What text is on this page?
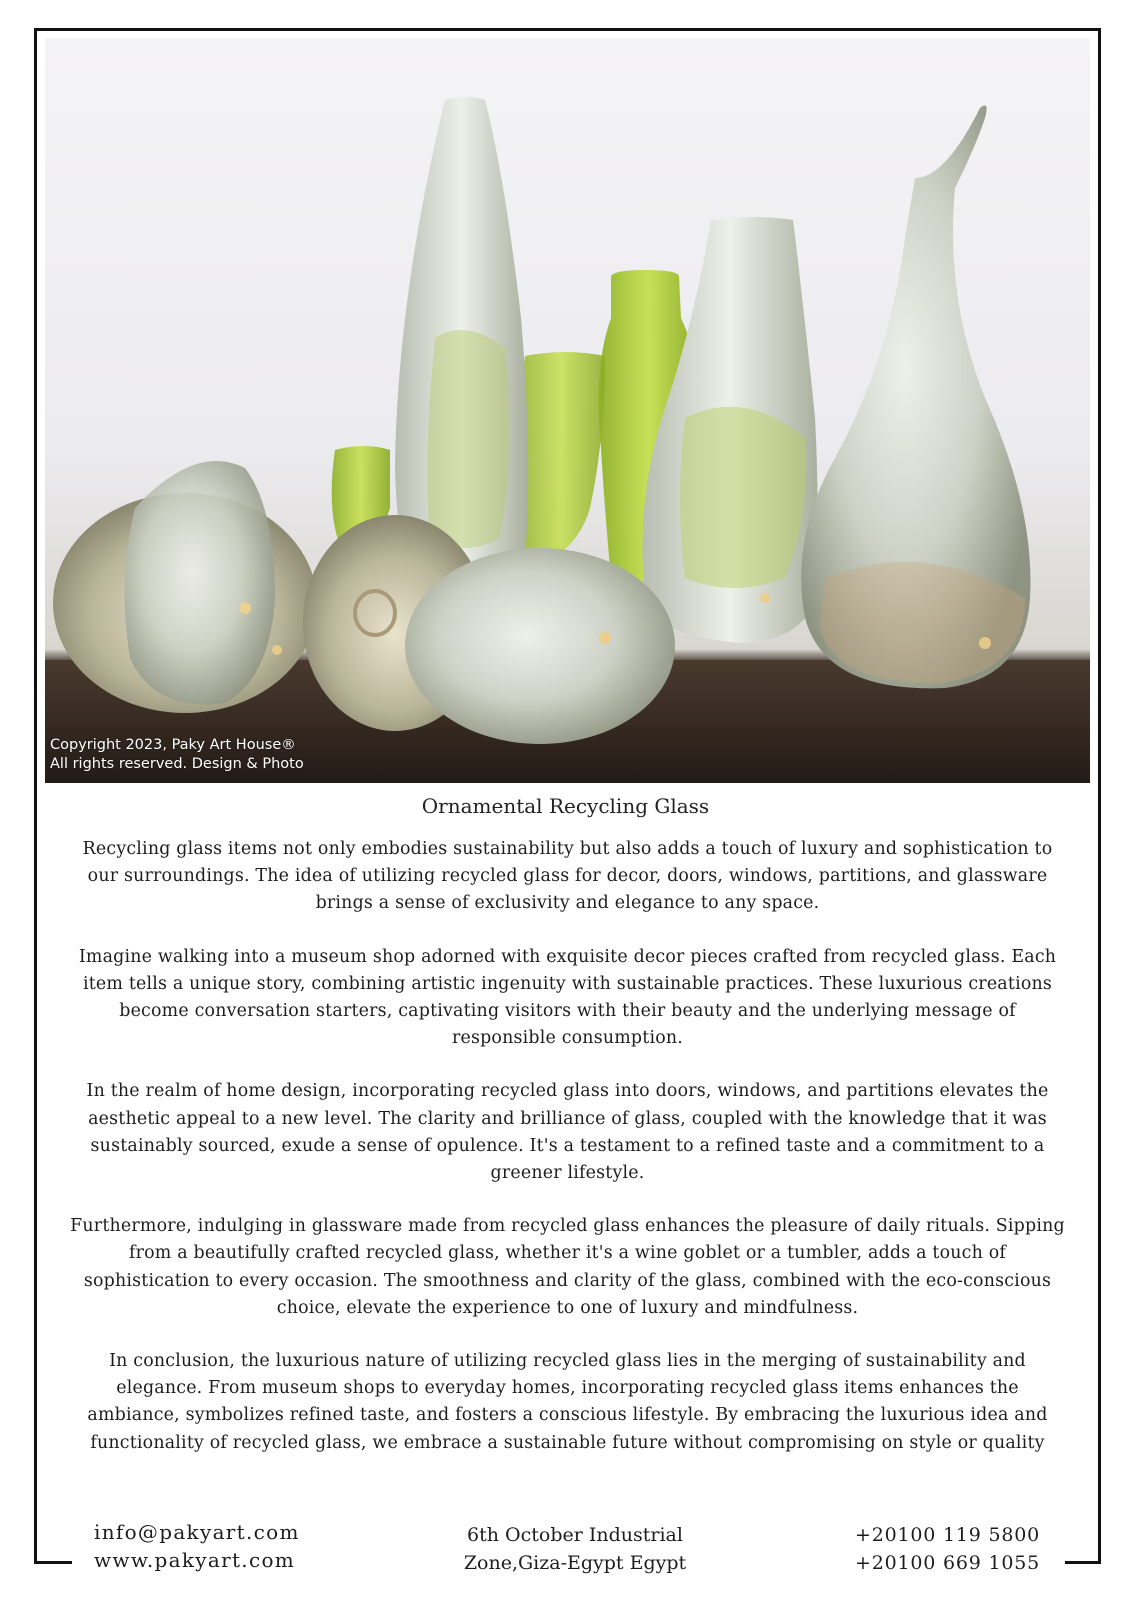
Copyright 2023, Paky Art House®
All rights reserved. Design & Photo
Ornamental Recycling Glass

Recycling glass items not only embodies sustainability but also adds a touch of luxury and sophistication to our surroundings. The idea of utilizing recycled glass for decor, doors, windows, partitions, and glassware brings a sense of exclusivity and elegance to any space.

Imagine walking into a museum shop adorned with exquisite decor pieces crafted from recycled glass. Each item tells a unique story, combining artistic ingenuity with sustainable practices. These luxurious creations become conversation starters, captivating visitors with their beauty and the underlying message of responsible consumption.

In the realm of home design, incorporating recycled glass into doors, windows, and partitions elevates the aesthetic appeal to a new level. The clarity and brilliance of glass, coupled with the knowledge that it was sustainably sourced, exude a sense of opulence. It's a testament to a refined taste and a commitment to a greener lifestyle.

Furthermore, indulging in glassware made from recycled glass enhances the pleasure of daily rituals. Sipping from a beautifully crafted recycled glass, whether it's a wine goblet or a tumbler, adds a touch of sophistication to every occasion. The smoothness and clarity of the glass, combined with the eco-conscious choice, elevate the experience to one of luxury and mindfulness.

In conclusion, the luxurious nature of utilizing recycled glass lies in the merging of sustainability and elegance. From museum shops to everyday homes, incorporating recycled glass items enhances the ambiance, symbolizes refined taste, and fosters a conscious lifestyle. By embracing the luxurious idea and functionality of recycled glass, we embrace a sustainable future without compromising on style or quality

info@pakyart.com
www.pakyart.com
6th October Industrial
Zone,Giza-Egypt Egypt
+20100 119 5800
+20100 669 1055
